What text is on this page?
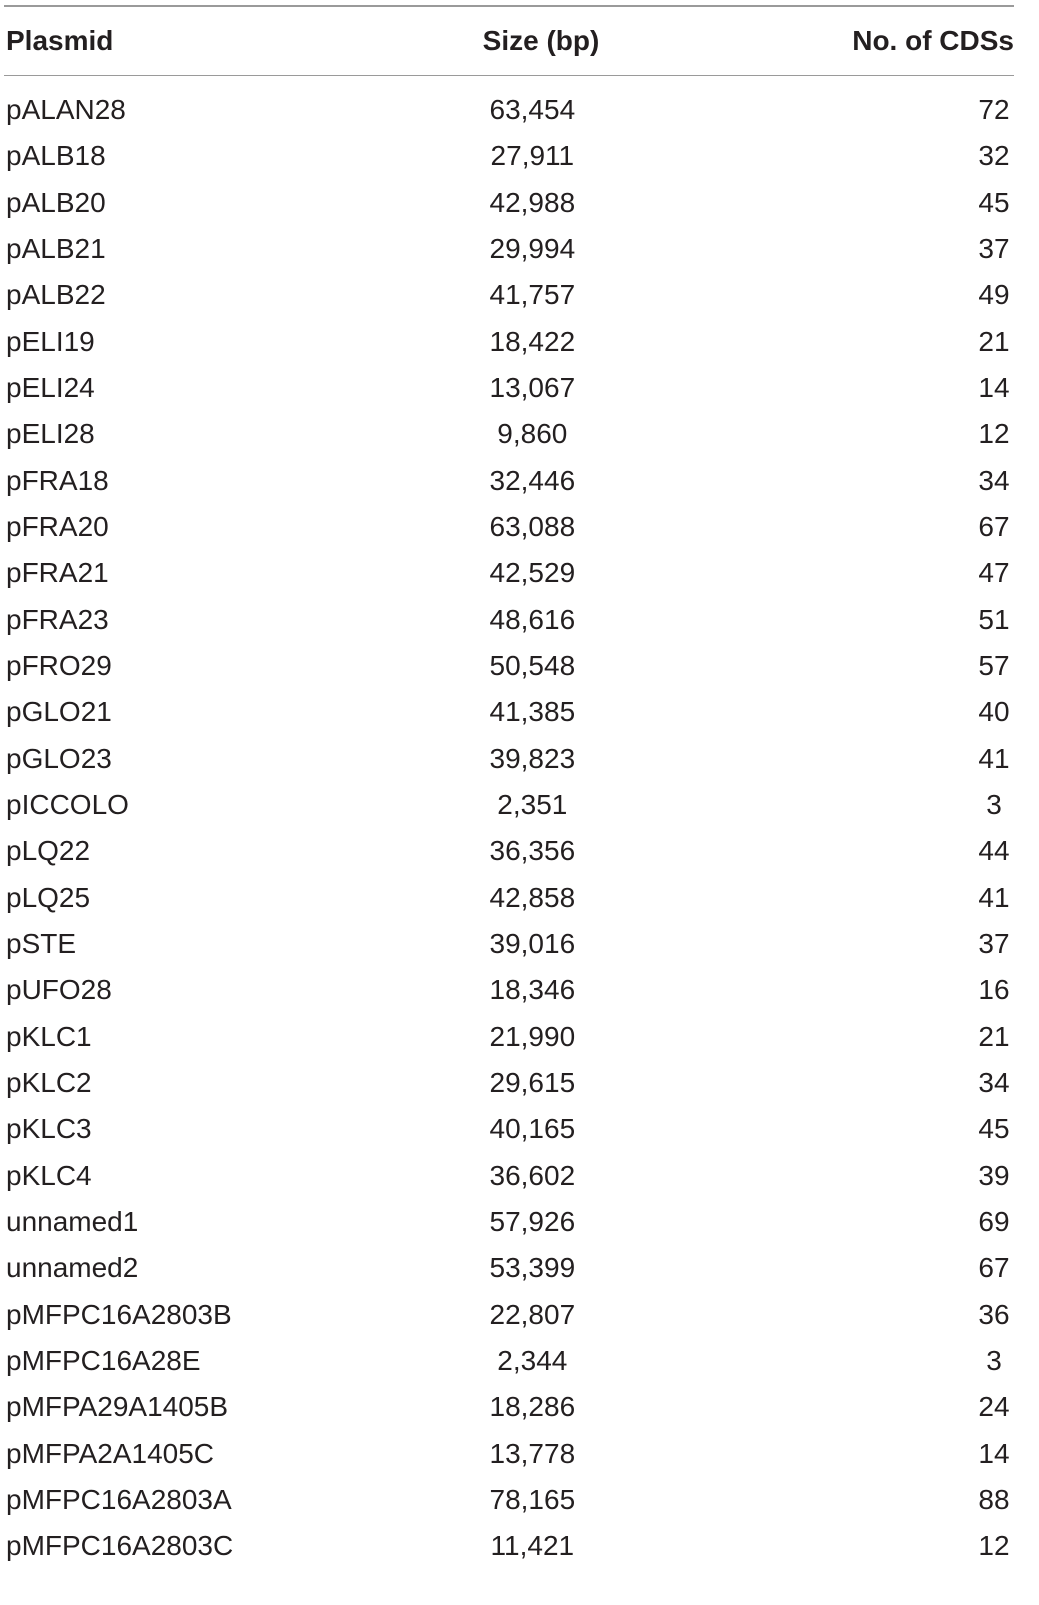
Plasmid	Size (bp)	No. of CDSs
pALAN28	63,454	72
pALB18	27,911	32
pALB20	42,988	45
pALB21	29,994	37
pALB22	41,757	49
pELI19	18,422	21
pELI24	13,067	14
pELI28	9,860	12
pFRA18	32,446	34
pFRA20	63,088	67
pFRA21	42,529	47
pFRA23	48,616	51
pFRO29	50,548	57
pGLO21	41,385	40
pGLO23	39,823	41
pICCOLO	2,351	3
pLQ22	36,356	44
pLQ25	42,858	41
pSTE	39,016	37
pUFO28	18,346	16
pKLC1	21,990	21
pKLC2	29,615	34
pKLC3	40,165	45
pKLC4	36,602	39
unnamed1	57,926	69
unnamed2	53,399	67
pMFPC16A2803B	22,807	36
pMFPC16A28E	2,344	3
pMFPA29A1405B	18,286	24
pMFPA2A1405C	13,778	14
pMFPC16A2803A	78,165	88
pMFPC16A2803C	11,421	12
